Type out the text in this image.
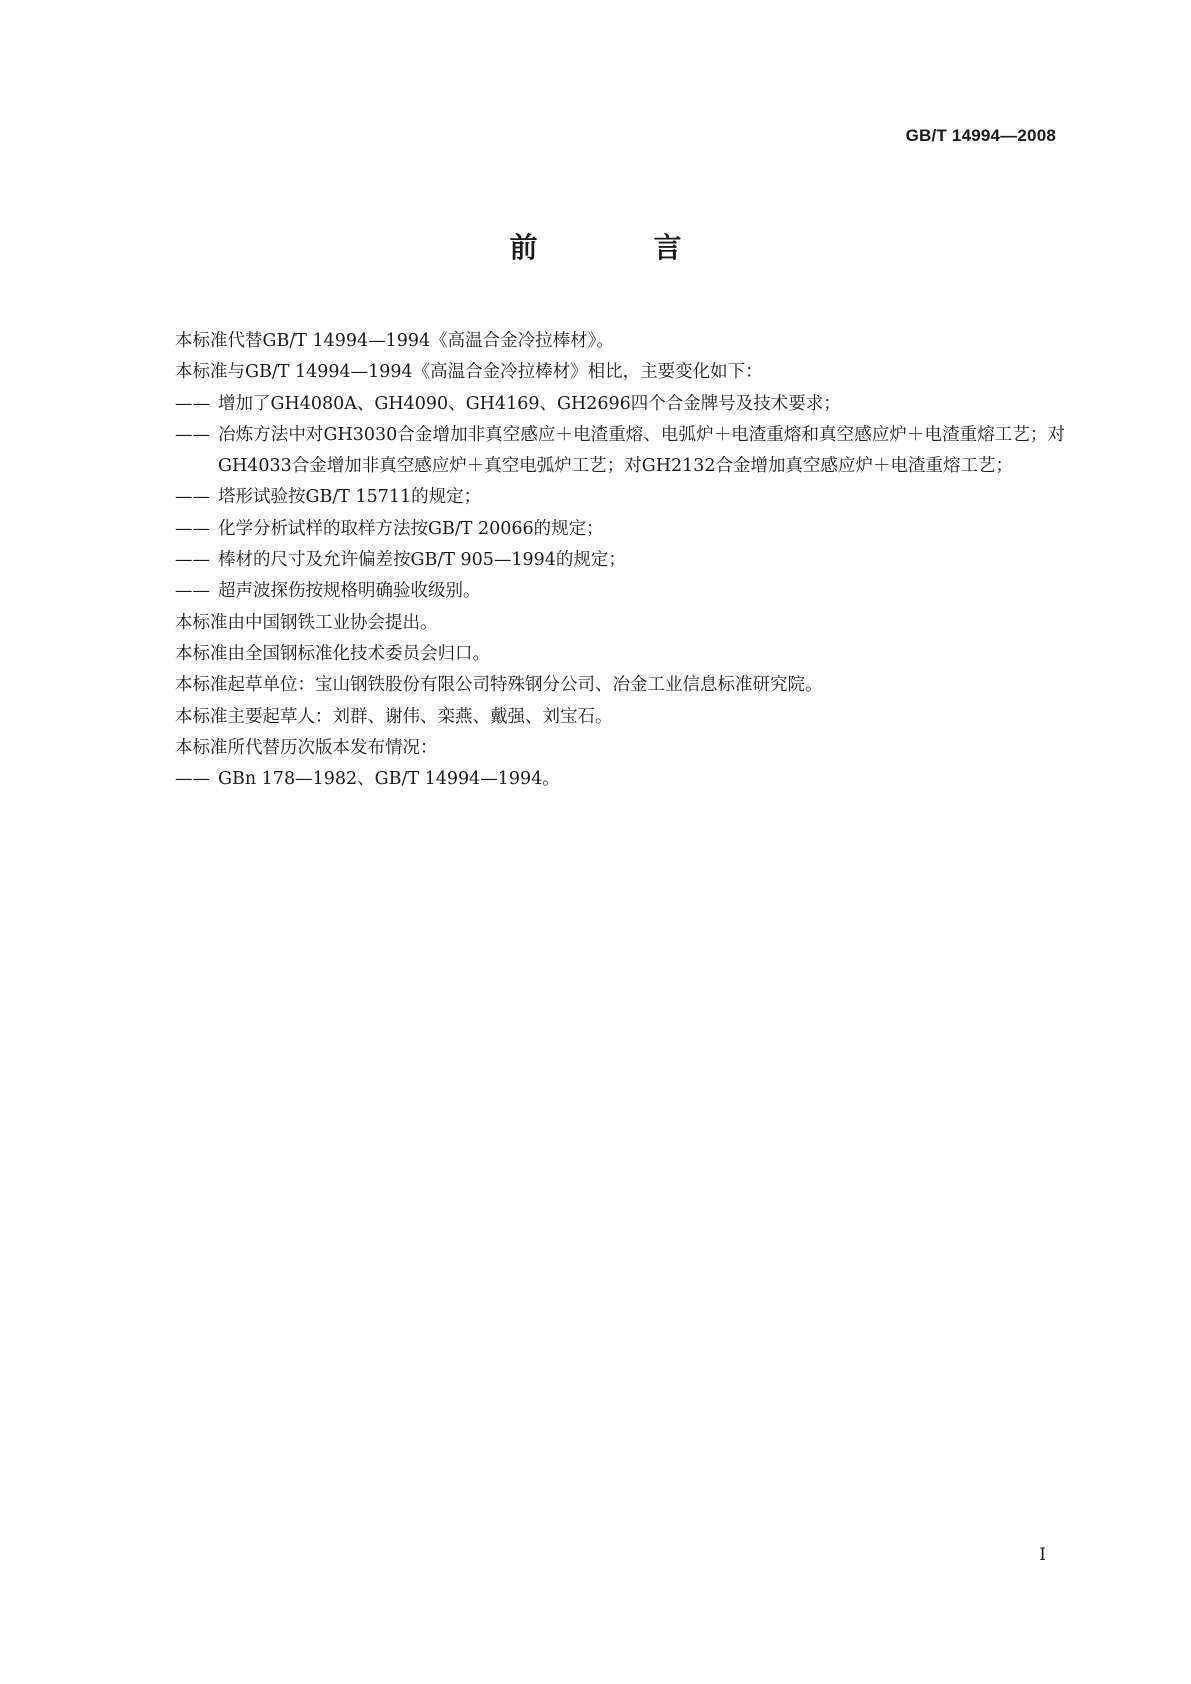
GB/T 14994—2008
前　言

本标准代替GB/T 14994—1994《高温合金冷拉棒材》。

本标准与GB/T 14994—1994《高温合金冷拉棒材》相比，主要变化如下：

—— 增加了GH4080A、GH4090、GH4169、GH2696四个合金牌号及技术要求；

—— 冶炼方法中对GH3030合金增加非真空感应＋电渣重熔、电弧炉＋电渣重熔和真空感应炉＋电渣重熔工艺；对GH4033合金增加非真空感应炉＋真空电弧炉工艺；对GH2132合金增加真空感应炉＋电渣重熔工艺；

—— 塔形试验按GB/T 15711的规定；

—— 化学分析试样的取样方法按GB/T 20066的规定；

—— 棒材的尺寸及允许偏差按GB/T 905—1994的规定；

—— 超声波探伤按规格明确验收级别。

本标准由中国钢铁工业协会提出。

本标准由全国钢标准化技术委员会归口。

本标准起草单位：宝山钢铁股份有限公司特殊钢分公司、冶金工业信息标准研究院。

本标准主要起草人：刘群、谢伟、栾燕、戴强、刘宝石。

本标准所代替历次版本发布情况：

—— GBn 178—1982、GB/T 14994—1994。

I
